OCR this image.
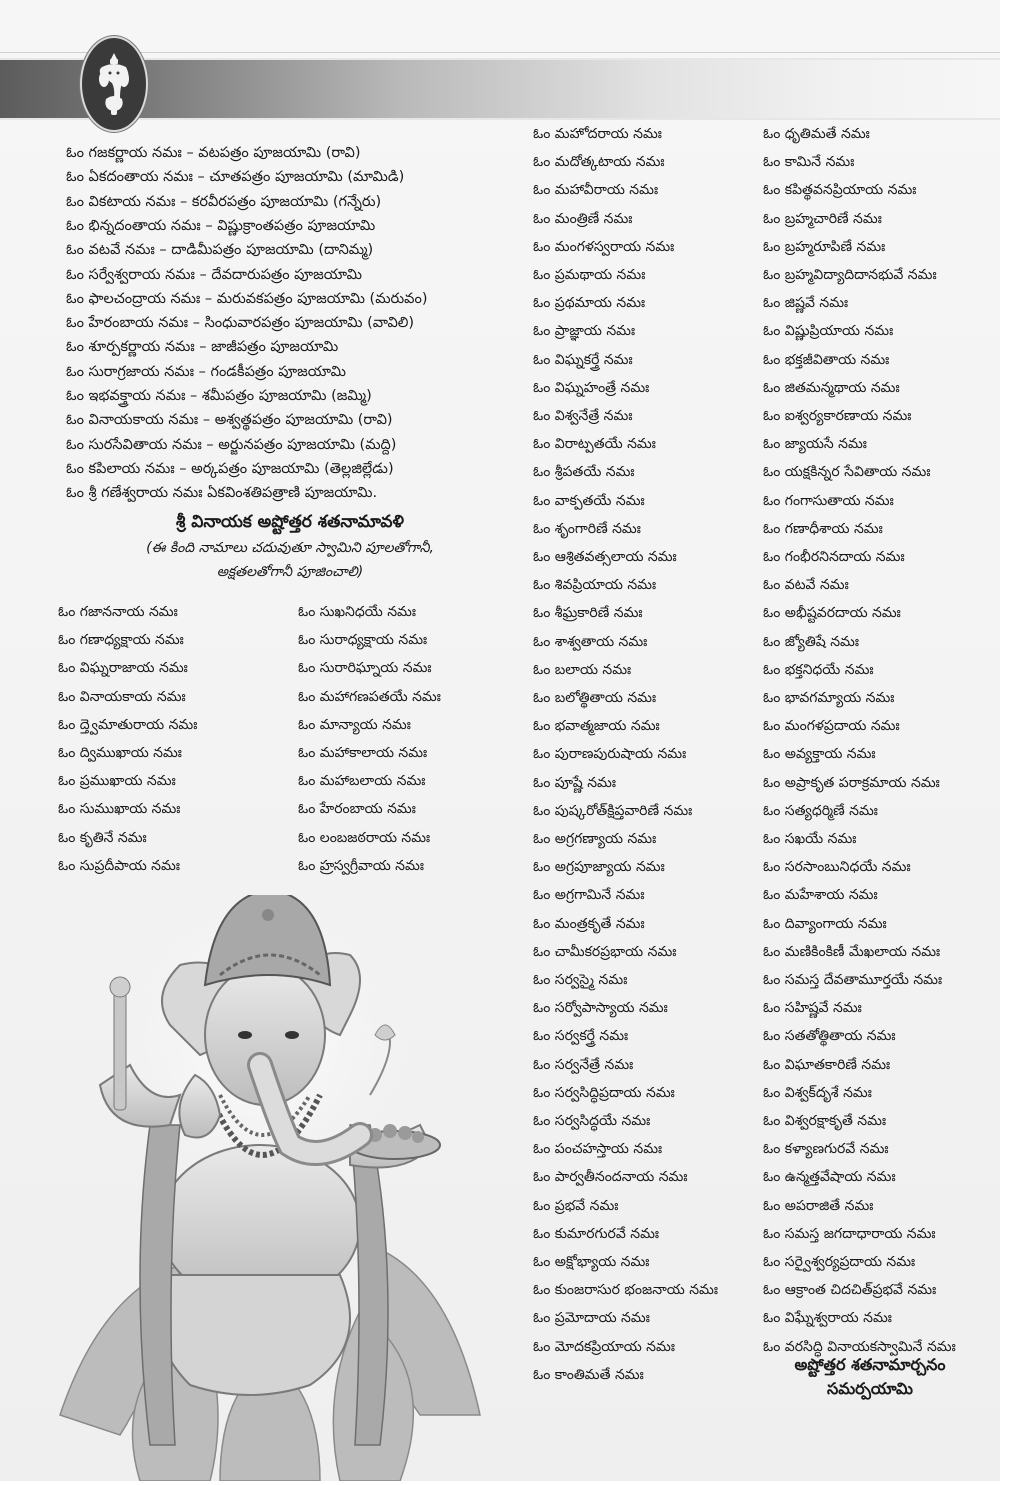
ఓం గజకర్ణాయ నమః – వటపత్రం పూజయామి (రావి)
ఓం ఏకదంతాయ నమః – చూతపత్రం పూజయామి (మామిడి)
ఓం వికటాయ నమః – కరవీరపత్రం పూజయామి (గన్నేరు)
ఓం భిన్నదంతాయ నమః – విష్ణుక్రాంతపత్రం పూజయామి
ఓం వటవే నమః – దాడిమీపత్రం పూజయామి (దానిమ్మ)
ఓం సర్వేశ్వరాయ నమః – దేవదారుపత్రం పూజయామి
ఓం ఫాలచంద్రాయ నమః – మరువకపత్రం పూజయామి (మరువం)
ఓం హేరంబాయ నమః – సింధువారపత్రం పూజయామి (వావిలి)
ఓం శూర్పకర్ణాయ నమః – జాజీపత్రం పూజయామి
ఓం సురాగ్రజాయ నమః – గండకీపత్రం పూజయామి
ఓం ఇభవక్త్రాయ నమః – శమీపత్రం పూజయామి (జమ్మి)
ఓం వినాయకాయ నమః – అశ్వత్థపత్రం పూజయామి (రావి)
ఓం సురసేవితాయ నమః – అర్జునపత్రం పూజయామి (మద్ది)
ఓం కపిలాయ నమః – అర్కపత్రం పూజయామి (తెల్లజిల్లేడు)
ఓం శ్రీ గణేశ్వరాయ నమః ఏకవింశతిపత్రాణి పూజయామి.
శ్రీ వినాయక అష్టోత్తర శతనామావళి
(ఈ కింది నామాలు చదువుతూ స్వామిని పూలతోగానీ,
అక్షతలతోగానీ పూజించాలి)
ఓం గజాననాయ నమః
ఓం గణాధ్యక్షాయ నమః
ఓం విఘ్నరాజాయ నమః
ఓం వినాయకాయ నమః
ఓం ద్త్వెమాతురాయ నమః
ఓం ద్విముఖాయ నమః
ఓం ప్రముఖాయ నమః
ఓం సుముఖాయ నమః
ఓం కృతినే నమః
ఓం సుప్రదీపాయ నమః
ఓం సుఖనిధయే నమః
ఓం సురాధ్యక్షాయ నమః
ఓం సురారిఘ్నాయ నమః
ఓం మహాగణపతయే నమః
ఓం మాన్యాయ నమః
ఓం మహాకాలాయ నమః
ఓం మహాబలాయ నమః
ఓం హేరంబాయ నమః
ఓం లంబజఠరాయ నమః
ఓం హ్రస్వగ్రీవాయ నమః
ఓం మహోదరాయ నమః
ఓం మదోత్కటాయ నమః
ఓం మహావీరాయ నమః
ఓం మంత్రిణే నమః
ఓం మంగళస్వరాయ నమః
ఓం ప్రమథాయ నమః
ఓం ప్రథమాయ నమః
ఓం ప్రాజ్ఞాయ నమః
ఓం విఘ్నకర్త్రే నమః
ఓం విఘ్నహంత్రే నమః
ఓం విశ్వనేత్రే నమః
ఓం విరాట్పతయే నమః
ఓం శ్రీపతయే నమః
ఓం వాక్పతయే నమః
ఓం శృంగారిణే నమః
ఓం ఆశ్రితవత్సలాయ నమః
ఓం శివప్రియాయ నమః
ఓం శీఘ్రకారిణే నమః
ఓం శాశ్వతాయ నమః
ఓం బలాయ నమః
ఓం బలోత్థితాయ నమః
ఓం భవాత్మజాయ నమః
ఓం పురాణపురుషాయ నమః
ఓం పూష్ణే నమః
ఓం పుష్కరోత్‌క్షిప్తవారిణే నమః
ఓం అగ్రగణ్యాయ నమః
ఓం అగ్రపూజ్యాయ నమః
ఓం అగ్రగామినే నమః
ఓం మంత్రకృతే నమః
ఓం చామీకరప్రభాయ నమః
ఓం సర్వస్మై నమః
ఓం సర్వోపాస్యాయ నమః
ఓం సర్వకర్త్రే నమః
ఓం సర్వనేత్రే నమః
ఓం సర్వసిద్ధిప్రదాయ నమః
ఓం సర్వసిద్ధయే నమః
ఓం పంచహస్తాయ నమః
ఓం పార్వతీనందనాయ నమః
ఓం ప్రభవే నమః
ఓం కుమారగురవే నమః
ఓం అక్షోభ్యాయ నమః
ఓం కుంజరాసుర భంజనాయ నమః
ఓం ప్రమోదాయ నమః
ఓం మోదకప్రియాయ నమః
ఓం కాంతిమతే నమః
ఓం ధృతిమతే నమః
ఓం కామినే నమః
ఓం కపిత్థవనప్రియాయ నమః
ఓం బ్రహ్మచారిణే నమః
ఓం బ్రహ్మరూపిణే నమః
ఓం బ్రహ్మవిద్యాదిదానభువే నమః
ఓం జిష్ణవే నమః
ఓం విష్ణుప్రియాయ నమః
ఓం భక్తజీవితాయ నమః
ఓం జితమన్మథాయ నమః
ఓం ఐశ్వర్యకారణాయ నమః
ఓం జ్యాయసే నమః
ఓం యక్షకిన్నర సేవితాయ నమః
ఓం గంగాసుతాయ నమః
ఓం గణాధీశాయ నమః
ఓం గంభీరనినదాయ నమః
ఓం వటవే నమః
ఓం అభీష్టవరదాయ నమః
ఓం జ్యోతిషే నమః
ఓం భక్తనిధయే నమః
ఓం భావగమ్యాయ నమః
ఓం మంగళప్రదాయ నమః
ఓం అవ్యక్తాయ నమః
ఓం అప్రాకృత పరాక్రమాయ నమః
ఓం సత్యధర్మిణే నమః
ఓం సఖయే నమః
ఓం సరసాంబునిధయే నమః
ఓం మహేశాయ నమః
ఓం దివ్యాంగాయ నమః
ఓం మణికింకిణీ మేఖలాయ నమః
ఓం సమస్త దేవతామూర్తయే నమః
ఓం సహిష్ణవే నమః
ఓం సతతోత్థితాయ నమః
ఓం విఘాతకారిణే నమః
ఓం విశ్వక్‌దృశే నమః
ఓం విశ్వరక్షాకృతే నమః
ఓం కళ్యాణగురవే నమః
ఓం ఉన్మత్తవేషాయ నమః
ఓం అపరాజితే నమః
ఓం సమస్త జగదాధారాయ నమః
ఓం సర్వైశ్వర్యప్రదాయ నమః
ఓం ఆక్రాంత చిదచిత్‌ప్రభవే నమః
ఓం విఘ్నేశ్వరాయ నమః
ఓం వరసిద్ధి వినాయకస్వామినే నమః
అష్టోత్తర శతనామార్చనం
సమర్పయామి
